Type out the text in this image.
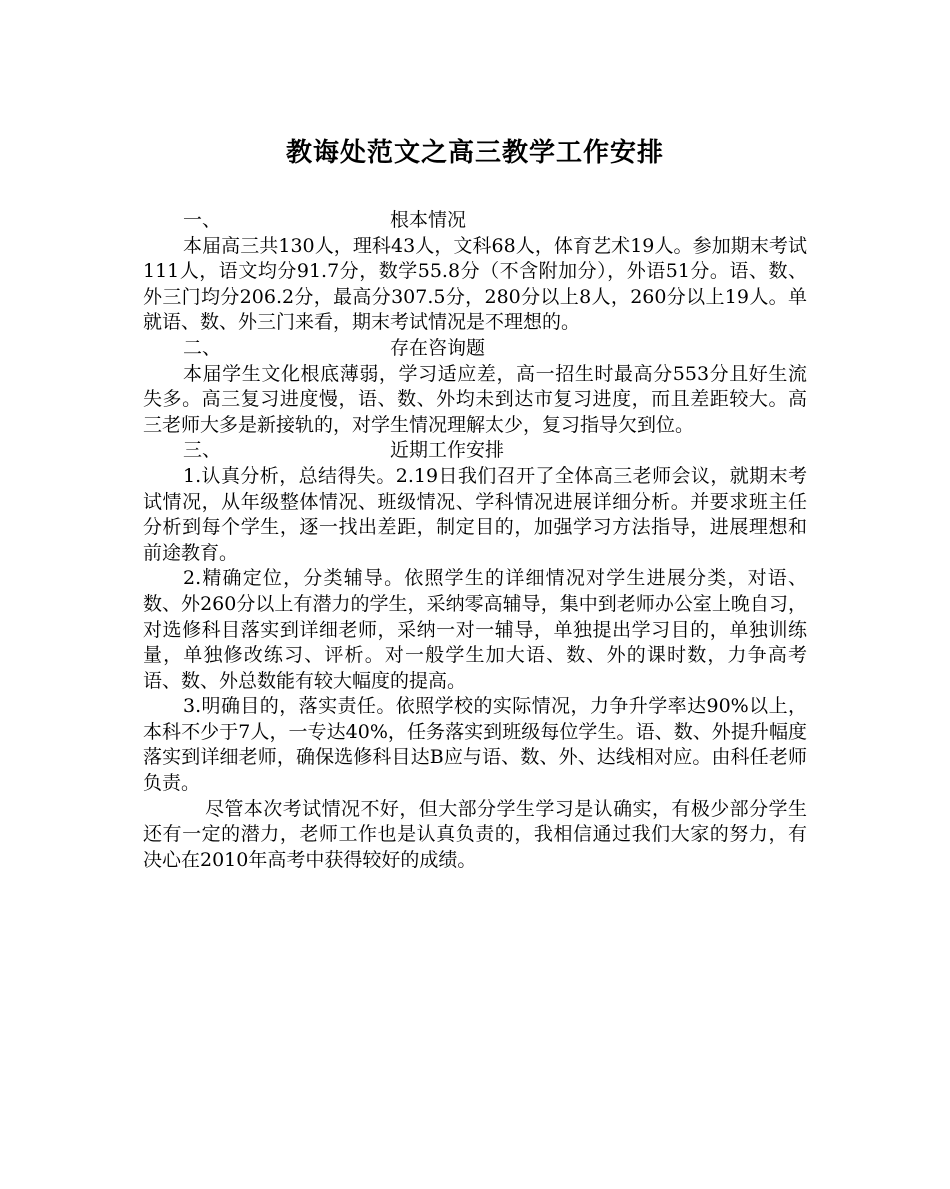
教诲处范文之高三教学工作安排
一、	根本情况

本届高三共130人，理科43人，文科68人，体育艺术19人。参加期末考试111人，语文均分91.7分，数学55.8分（不含附加分），外语51分。语、数、外三门均分206.2分，最高分307.5分，280分以上8人，260分以上19人。单就语、数、外三门来看，期末考试情况是不理想的。

二、	存在咨询题

本届学生文化根底薄弱，学习适应差，高一招生时最高分553分且好生流失多。高三复习进度慢，语、数、外均未到达市复习进度，而且差距较大。高三老师大多是新接轨的，对学生情况理解太少，复习指导欠到位。

三、	近期工作安排

1.认真分析，总结得失。2.19日我们召开了全体高三老师会议，就期末考试情况，从年级整体情况、班级情况、学科情况进展详细分析。并要求班主任分析到每个学生，逐一找出差距，制定目的，加强学习方法指导，进展理想和前途教育。

2.精确定位，分类辅导。依照学生的详细情况对学生进展分类，对语、数、外260分以上有潜力的学生，采纳零高辅导，集中到老师办公室上晚自习，对选修科目落实到详细老师，采纳一对一辅导，单独提出学习目的，单独训练量，单独修改练习、评析。对一般学生加大语、数、外的课时数，力争高考语、数、外总数能有较大幅度的提高。

3.明确目的，落实责任。依照学校的实际情况，力争升学率达90%以上，本科不少于7人，一专达40%，任务落实到班级每位学生。语、数、外提升幅度落实到详细老师，确保选修科目达B应与语、数、外、达线相对应。由科任老师负责。

尽管本次考试情况不好，但大部分学生学习是认确实，有极少部分学生还有一定的潜力，老师工作也是认真负责的，我相信通过我们大家的努力，有决心在2010年高考中获得较好的成绩。
